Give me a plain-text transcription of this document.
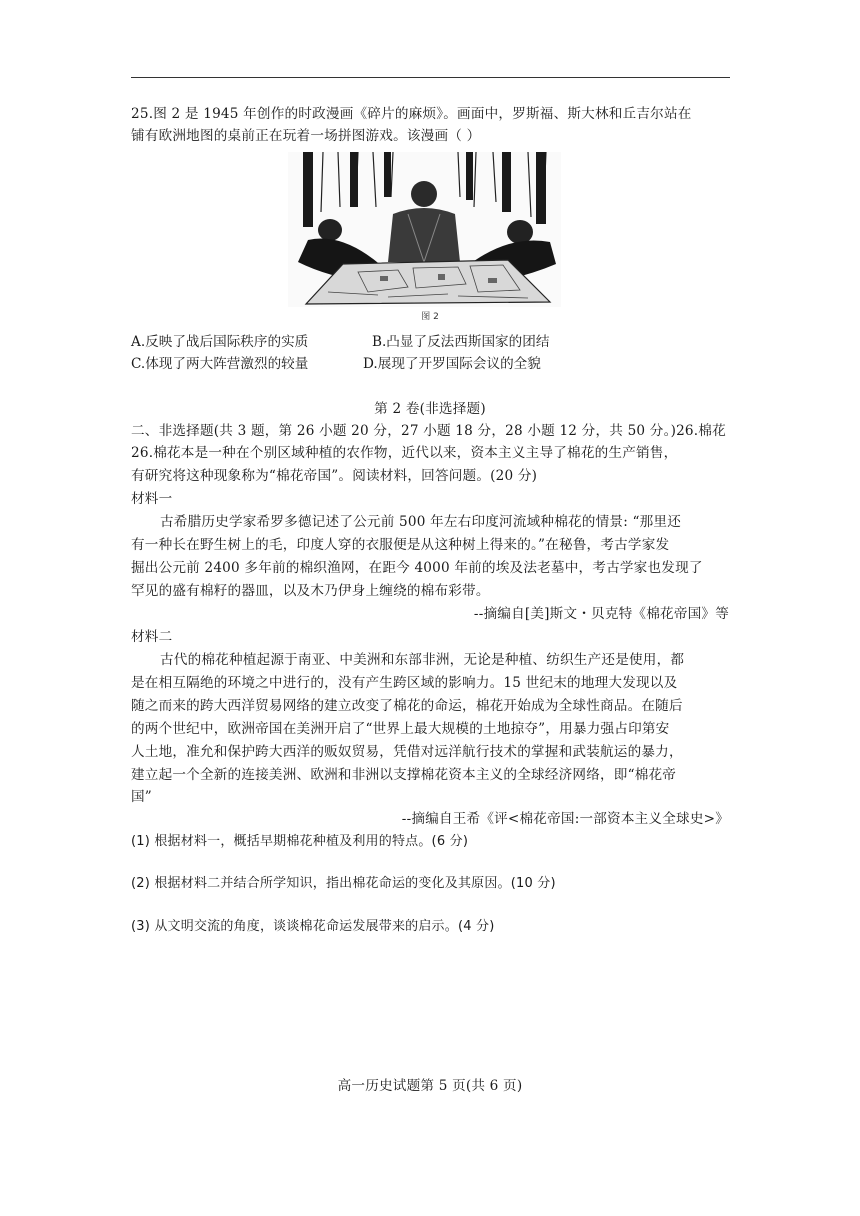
25.图 2 是 1945 年创作的时政漫画《碎片的麻烦》。画面中，罗斯福、斯大林和丘吉尔站在
铺有欧洲地图的桌前正在玩着一场拼图游戏。该漫画（ ）
图 2
A.反映了战后国际秩序的实质	B.凸显了反法西斯国家的团结
C.体现了两大阵营激烈的较量	D.展现了开罗国际会议的全貌
第 2 卷(非选择题)
二、非选择题(共 3 题，第 26 小题 20 分，27 小题 18 分，28 小题 12 分，共 50 分。)26.棉花
26.棉花本是一种在个别区域种植的农作物，近代以来，资本主义主导了棉花的生产销售，
有研究将这种现象称为“棉花帝国”。阅读材料，回答问题。(20 分)
材料一
古希腊历史学家希罗多德记述了公元前 500 年左右印度河流域种棉花的情景: “那里还
有一种长在野生树上的毛，印度人穿的衣服便是从这种树上得来的。”在秘鲁，考古学家发
掘出公元前 2400 多年前的棉织渔网，在距今 4000 年前的埃及法老墓中，考古学家也发现了
罕见的盛有棉籽的器皿，以及木乃伊身上缠绕的棉布彩带。
--摘编自[美]斯文・贝克特《棉花帝国》等
材料二
古代的棉花种植起源于南亚、中美洲和东部非洲，无论是种植、纺织生产还是使用，都
是在相互隔绝的环境之中进行的，没有产生跨区域的影响力。15 世纪末的地理大发现以及
随之而来的跨大西洋贸易网络的建立改变了棉花的命运，棉花开始成为全球性商品。在随后
的两个世纪中，欧洲帝国在美洲开启了“世界上最大规模的土地掠夺”，用暴力强占印第安
人土地，准允和保护跨大西洋的贩奴贸易，凭借对远洋航行技术的掌握和武装航运的暴力，
建立起一个全新的连接美洲、欧洲和非洲以支撑棉花资本主义的全球经济网络，即“棉花帝
国”
--摘编自王希《评<棉花帝国:一部资本主义全球史>》
(1) 根据材料一，概括早期棉花种植及利用的特点。(6 分)
(2) 根据材料二并结合所学知识，指出棉花命运的变化及其原因。(10 分)
(3) 从文明交流的角度，谈谈棉花命运发展带来的启示。(4 分)
高一历史试题第 5 页(共 6 页)
